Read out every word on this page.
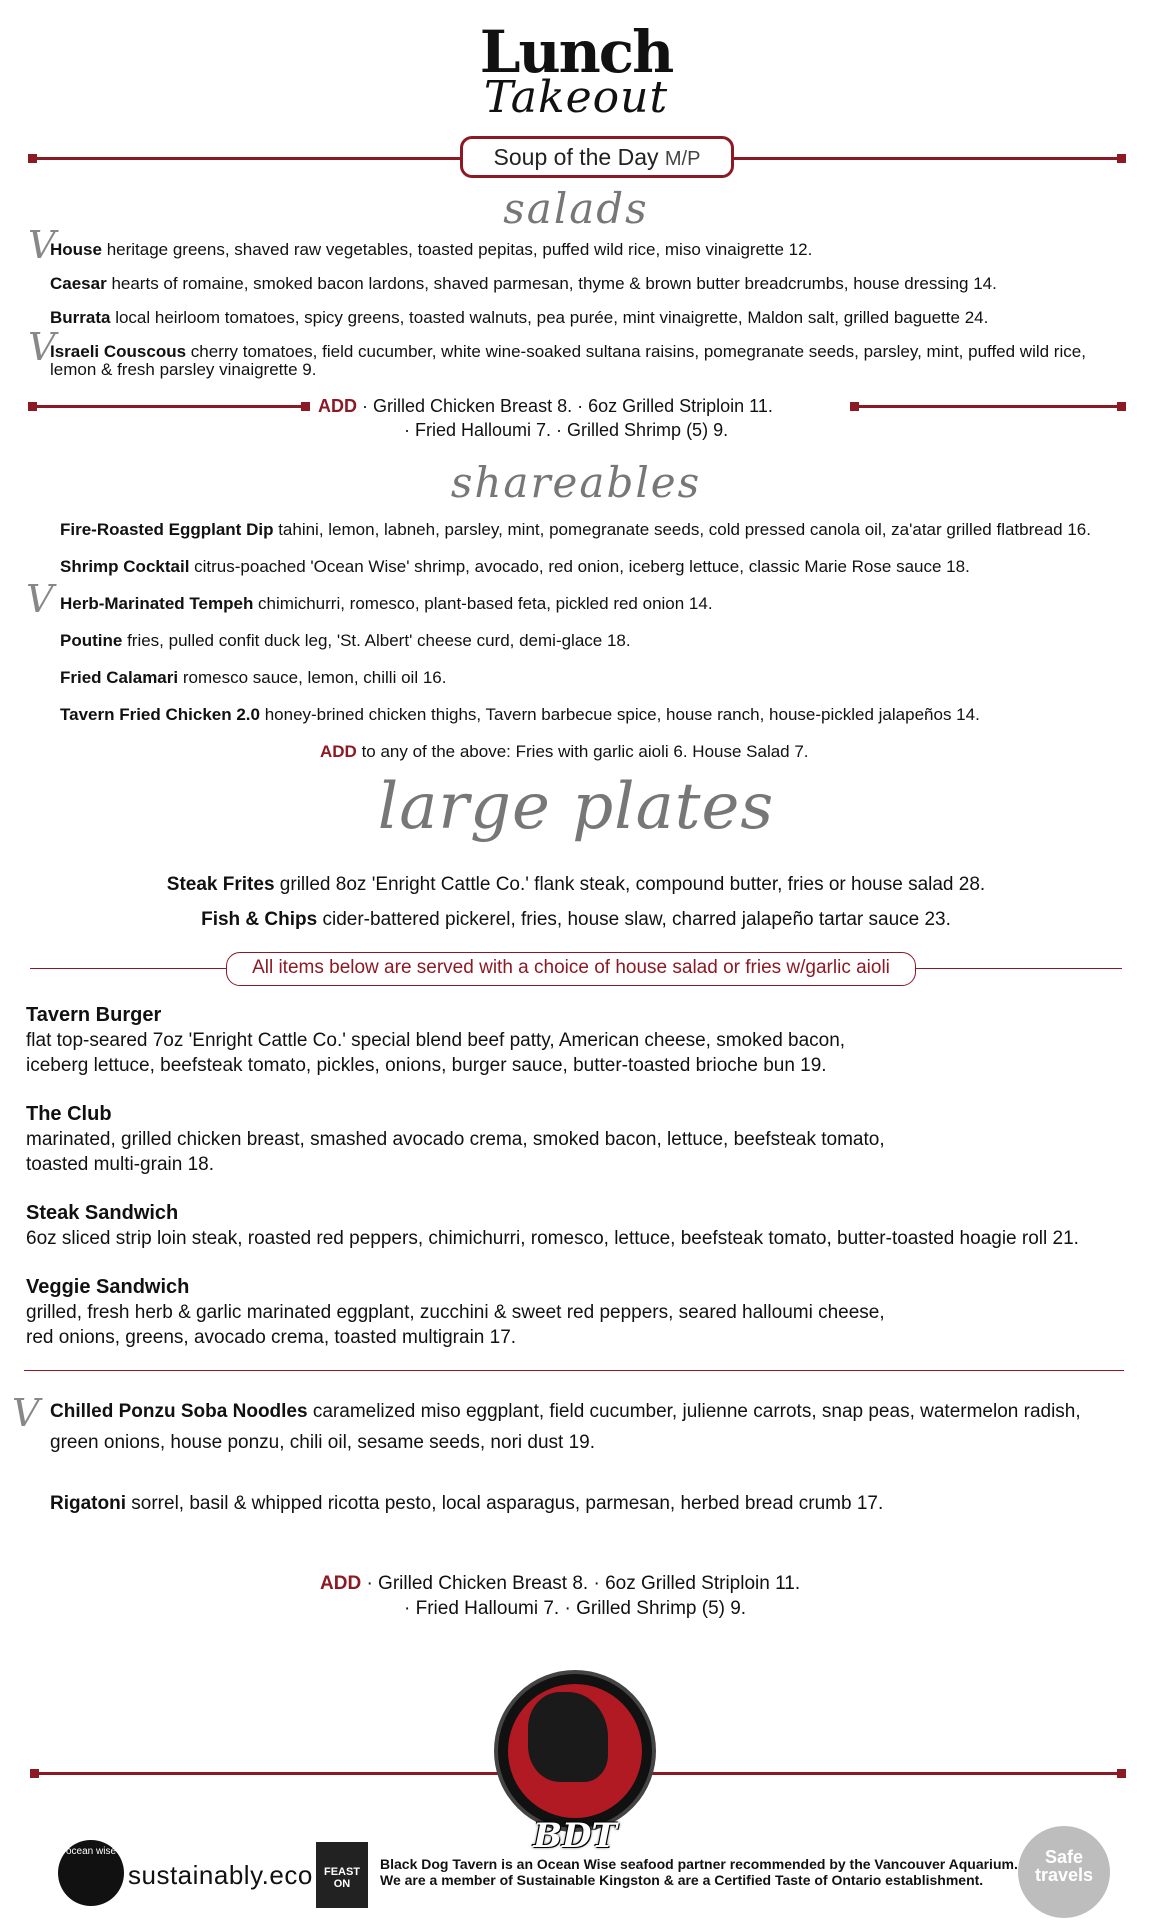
Lunch
Takeout
Soup of the Day M/P
salads
V
House heritage greens, shaved raw vegetables, toasted pepitas, puffed wild rice, miso vinaigrette 12.
Caesar hearts of romaine, smoked bacon lardons, shaved parmesan, thyme & brown butter breadcrumbs, house dressing 14.
Burrata local heirloom tomatoes, spicy greens, toasted walnuts, pea purée, mint vinaigrette, Maldon salt, grilled baguette 24.
V
Israeli Couscous cherry tomatoes, field cucumber, white wine-soaked sultana raisins, pomegranate seeds, parsley, mint, puffed wild rice,
lemon & fresh parsley vinaigrette 9.
ADD · Grilled Chicken Breast 8. · 6oz Grilled Striploin 11.
· Fried Halloumi 7. · Grilled Shrimp (5) 9.
shareables
Fire-Roasted Eggplant Dip tahini, lemon, labneh, parsley, mint, pomegranate seeds, cold pressed canola oil, za'atar grilled flatbread 16.
Shrimp Cocktail citrus-poached 'Ocean Wise' shrimp, avocado, red onion, iceberg lettuce, classic Marie Rose sauce 18.
V Herb-Marinated Tempeh chimichurri, romesco, plant-based feta, pickled red onion 14.
Poutine fries, pulled confit duck leg, 'St. Albert' cheese curd, demi-glace 18.
Fried Calamari romesco sauce, lemon, chilli oil 16.
Tavern Fried Chicken 2.0 honey-brined chicken thighs, Tavern barbecue spice, house ranch, house-pickled jalapeños 14.
ADD to any of the above: Fries with garlic aioli 6. House Salad 7.
large plates
Steak Frites grilled 8oz 'Enright Cattle Co.' flank steak, compound butter, fries or house salad 28.
Fish & Chips cider-battered pickerel, fries, house slaw, charred jalapeño tartar sauce 23.
All items below are served with a choice of house salad or fries w/garlic aioli
Tavern Burger
flat top-seared 7oz 'Enright Cattle Co.' special blend beef patty, American cheese, smoked bacon,
iceberg lettuce, beefsteak tomato, pickles, onions, burger sauce, butter-toasted brioche bun 19.
The Club
marinated, grilled chicken breast, smashed avocado crema, smoked bacon, lettuce, beefsteak tomato,
toasted multi-grain 18.
Steak Sandwich
6oz sliced strip loin steak, roasted red peppers, chimichurri, romesco, lettuce, beefsteak tomato, butter-toasted hoagie roll 21.
Veggie Sandwich
grilled, fresh herb & garlic marinated eggplant, zucchini & sweet red peppers, seared halloumi cheese,
red onions, greens, avocado crema, toasted multigrain 17.
V Chilled Ponzu Soba Noodles caramelized miso eggplant, field cucumber, julienne carrots, snap peas, watermelon radish,
green onions, house ponzu, chili oil, sesame seeds, nori dust 19.
Rigatoni sorrel, basil & whipped ricotta pesto, local asparagus, parmesan, herbed bread crumb 17.
ADD · Grilled Chicken Breast 8. · 6oz Grilled Striploin 11.
· Fried Halloumi 7. · Grilled Shrimp (5) 9.
BDT
ocean wise
sustainably.eco	FEAST ON
Black Dog Tavern is an Ocean Wise seafood partner recommended by the Vancouver Aquarium.
We are a member of Sustainable Kingston & are a Certified Taste of Ontario establishment.
Safe travels
